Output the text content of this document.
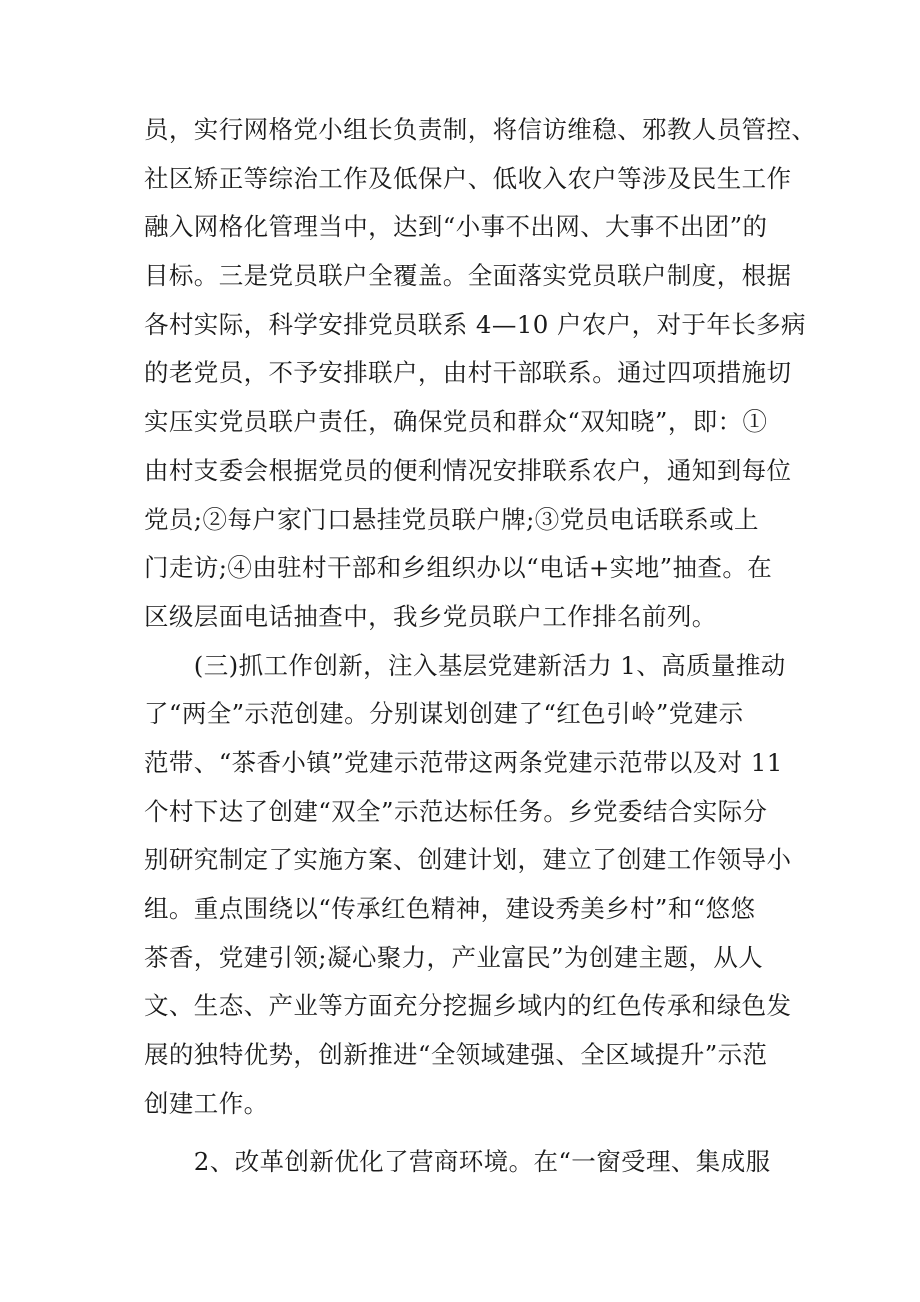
员，实行网格党小组长负责制，将信访维稳、邪教人员管控、
社区矫正等综治工作及低保户、低收入农户等涉及民生工作
融入网格化管理当中，达到“小事不出网、大事不出团”的
目标。三是党员联户全覆盖。全面落实党员联户制度，根据
各村实际，科学安排党员联系 4—10 户农户，对于年长多病
的老党员，不予安排联户，由村干部联系。通过四项措施切
实压实党员联户责任，确保党员和群众“双知晓”，即：①
由村支委会根据党员的便利情况安排联系农户，通知到每位
党员;②每户家门口悬挂党员联户牌;③党员电话联系或上
门走访;④由驻村干部和乡组织办以“电话+实地”抽查。在
区级层面电话抽查中，我乡党员联户工作排名前列。
　　(三)抓工作创新，注入基层党建新活力 1、高质量推动
了“两全”示范创建。分别谋划创建了“红色引岭”党建示
范带、“茶香小镇”党建示范带这两条党建示范带以及对 11
个村下达了创建“双全”示范达标任务。乡党委结合实际分
别研究制定了实施方案、创建计划，建立了创建工作领导小
组。重点围绕以“传承红色精神，建设秀美乡村”和“悠悠
茶香，党建引领;凝心聚力，产业富民”为创建主题，从人
文、生态、产业等方面充分挖掘乡域内的红色传承和绿色发
展的独特优势，创新推进“全领域建强、全区域提升”示范
创建工作。
　　2、改革创新优化了营商环境。在“一窗受理、集成服
